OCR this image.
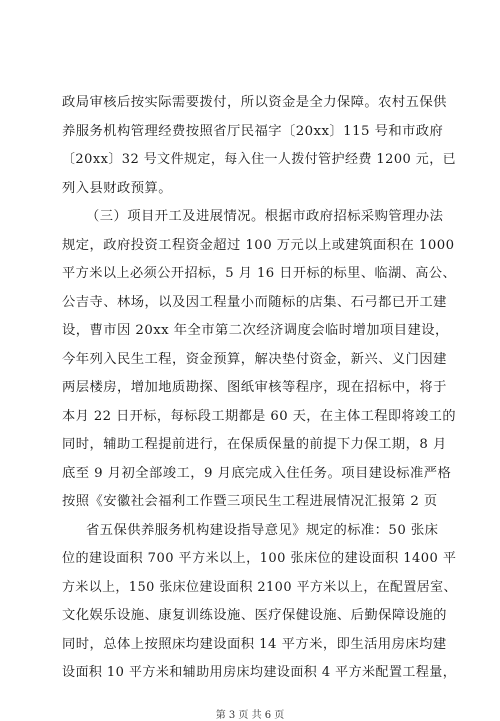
政局审核后按实际需要拨付，所以资金是全力保障。农村五保供
养服务机构管理经费按照省厅民福字〔20xx〕115 号和市政府
〔20xx〕32 号文件规定，每入住一人拨付管护经费 1200 元，已
列入县财政预算。
（三）项目开工及进展情况。根据市政府招标采购管理办法
规定，政府投资工程资金超过 100 万元以上或建筑面积在 1000
平方米以上必须公开招标，5 月 16 日开标的标里、临湖、高公、
公吉寺、林场，以及因工程量小而随标的店集、石弓都已开工建
设，曹市因 20xx 年全市第二次经济调度会临时增加项目建设，
今年列入民生工程，资金预算，解决垫付资金，新兴、义门因建
两层楼房，增加地质勘探、图纸审核等程序，现在招标中，将于
本月 22 日开标，每标段工期都是 60 天，在主体工程即将竣工的
同时，辅助工程提前进行，在保质保量的前提下力保工期，8 月
底至 9 月初全部竣工，9 月底完成入住任务。项目建设标准严格
按照《安徽社会福利工作暨三项民生工程进展情况汇报第 2 页
省五保供养服务机构建设指导意见》规定的标准：50 张床
位的建设面积 700 平方米以上，100 张床位的建设面积 1400 平
方米以上，150 张床位建设面积 2100 平方米以上，在配置居室、
文化娱乐设施、康复训练设施、医疗保健设施、后勤保障设施的
同时，总体上按照床均建设面积 14 平方米，即生活用房床均建
设面积 10 平方米和辅助用房床均建设面积 4 平方米配置工程量，
第 3 页 共 6 页
